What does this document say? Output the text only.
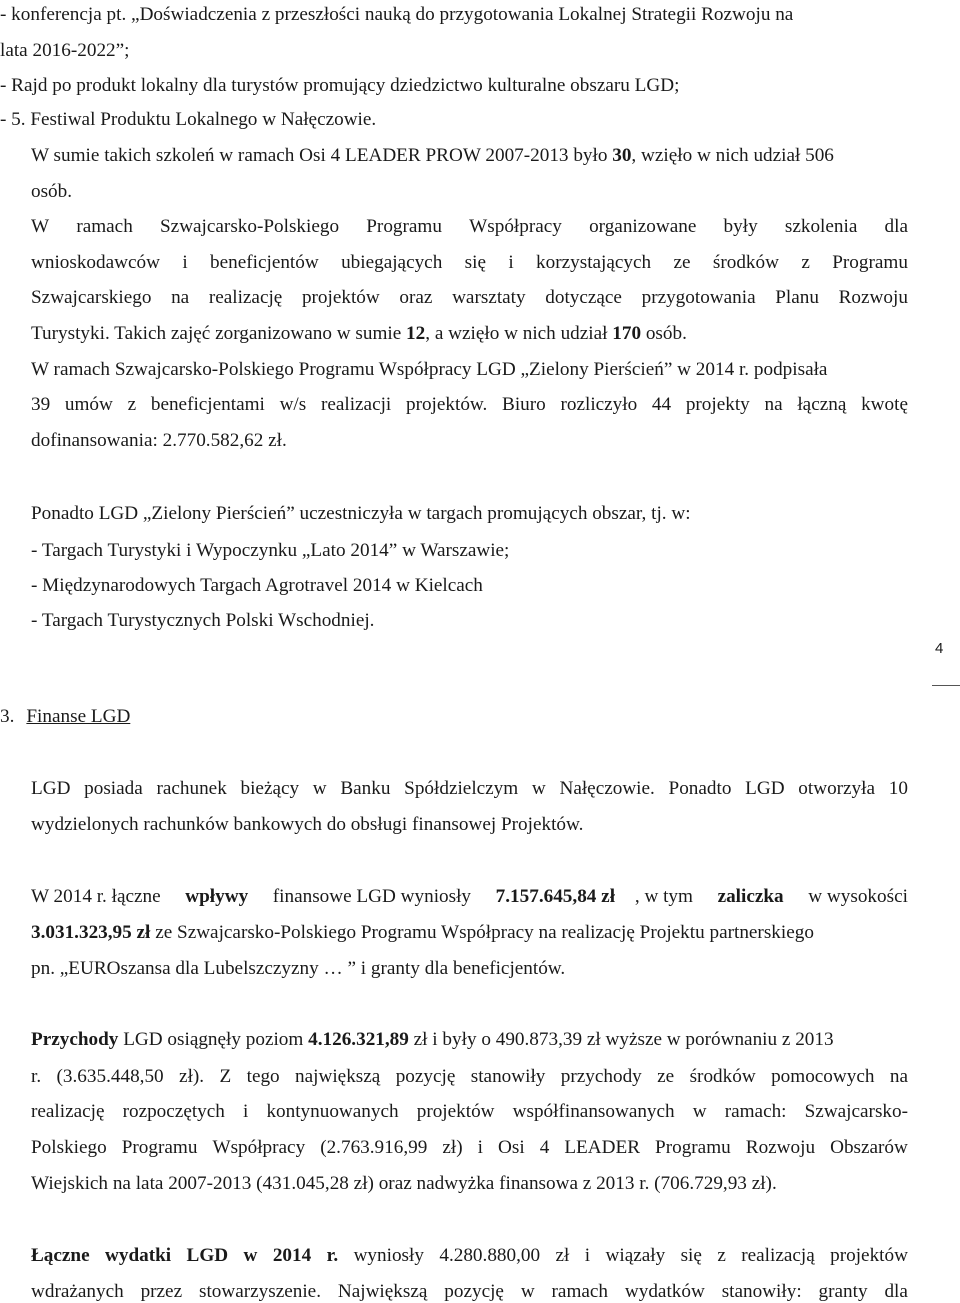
- konferencja pt. „Doświadczenia z przeszłości nauką do przygotowania Lokalnej Strategii Rozwoju na
lata 2016-2022”;
- Rajd po produkt lokalny dla turystów promujący dziedzictwo kulturalne obszaru LGD;
- 5. Festiwal Produktu Lokalnego w Nałęczowie.
W sumie takich szkoleń w ramach Osi 4 LEADER PROW 2007-2013 było 30, wzięło w nich udział 506
osób.
W ramach Szwajcarsko-Polskiego Programu Współpracy organizowane były szkolenia dla
wnioskodawców i beneficjentów ubiegających się i korzystających ze środków z Programu
Szwajcarskiego na realizację projektów oraz warsztaty dotyczące przygotowania Planu Rozwoju
Turystyki. Takich zajęć zorganizowano w sumie 12, a wzięło w nich udział 170 osób.
W ramach Szwajcarsko-Polskiego Programu Współpracy LGD „Zielony Pierścień” w 2014 r. podpisała
39 umów z beneficjentami w/s realizacji projektów. Biuro rozliczyło 44 projekty na łączną kwotę
dofinansowania: 2.770.582,62 zł.
Ponadto LGD „Zielony Pierścień” uczestniczyła w targach promujących obszar, tj. w:
- Targach Turystyki i Wypoczynku „Lato 2014” w Warszawie;
- Międzynarodowych Targach Agrotravel 2014 w Kielcach
- Targach Turystycznych Polski Wschodniej.
4
3. Finanse LGD
LGD posiada rachunek bieżący w Banku Spółdzielczym w Nałęczowie. Ponadto LGD otworzyła 10
wydzielonych rachunków bankowych do obsługi finansowej Projektów.
W 2014 r. łączne wpływy finansowe LGD wyniosły 7.157.645,84 zł , w tym zaliczka w wysokości
3.031.323,95 zł ze Szwajcarsko-Polskiego Programu Współpracy na realizację Projektu partnerskiego
pn. „EUROszansa dla Lubelszczyzny … ” i granty dla beneficjentów.
Przychody LGD osiągnęły poziom 4.126.321,89 zł i były o 490.873,39 zł wyższe w porównaniu z 2013
r. (3.635.448,50 zł). Z tego największą pozycję stanowiły przychody ze środków pomocowych na
realizację rozpoczętych i kontynuowanych projektów współfinansowanych w ramach: Szwajcarsko-
Polskiego Programu Współpracy (2.763.916,99 zł) i Osi 4 LEADER Programu Rozwoju Obszarów
Wiejskich na lata 2007-2013 (431.045,28 zł) oraz nadwyżka finansowa z 2013 r. (706.729,93 zł).
Łączne wydatki LGD w 2014 r. wyniosły 4.280.880,00 zł i wiązały się z realizacją projektów
wdrażanych przez stowarzyszenie. Największą pozycję w ramach wydatków stanowiły: granty dla
